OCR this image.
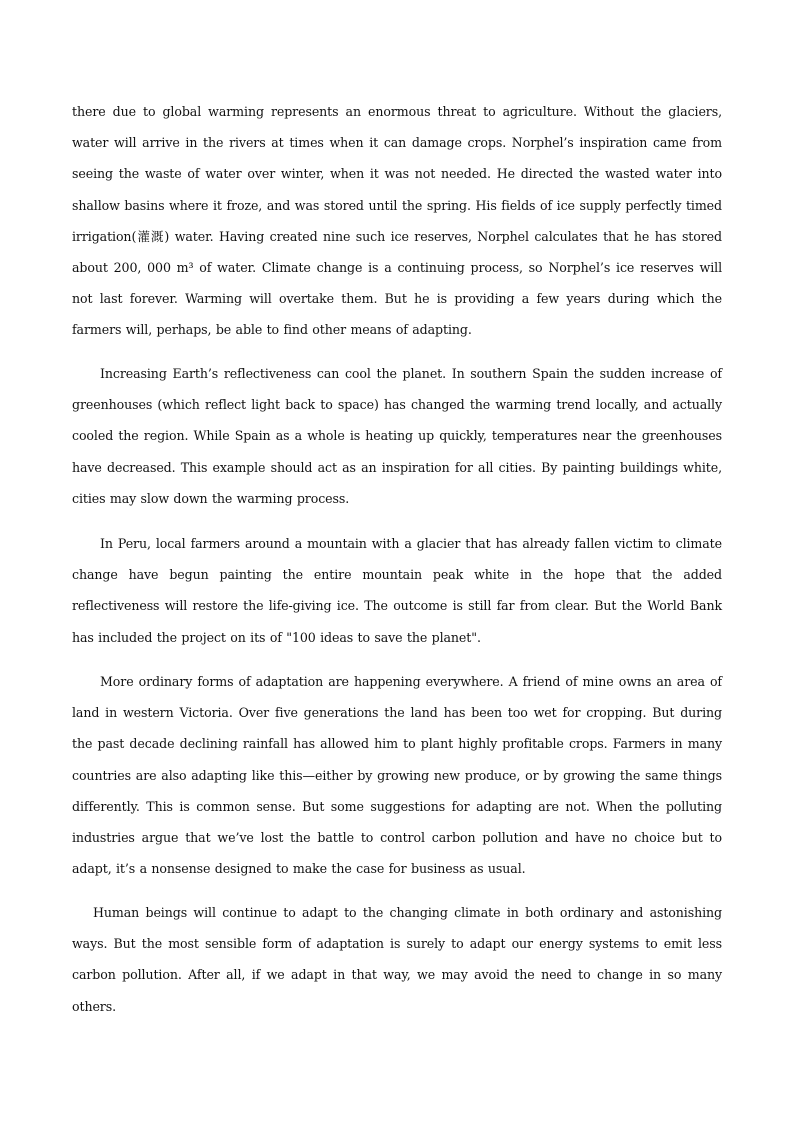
there due to global warming represents an enormous threat to agriculture. Without the glaciers, water will arrive in the rivers at times when it can damage crops. Norphel’s inspiration came from seeing the waste of water over winter, when it was not needed. He directed the wasted water into shallow basins where it froze, and was stored until the spring. His fields of ice supply perfectly timed irrigation(灌溉) water. Having created nine such ice reserves, Norphel calculates that he has stored about 200, 000 m³ of water. Climate change is a continuing process, so Norphel’s ice reserves will not last forever. Warming will overtake them. But he is providing a few years during which the farmers will, perhaps, be able to find other means of adapting.

Increasing Earth’s reflectiveness can cool the planet. In southern Spain the sudden increase of greenhouses (which reflect light back to space) has changed the warming trend locally, and actually cooled the region. While Spain as a whole is heating up quickly, temperatures near the greenhouses have decreased. This example should act as an inspiration for all cities. By painting buildings white, cities may slow down the warming process.

In Peru, local farmers around a mountain with a glacier that has already fallen victim to climate change have begun painting the entire mountain peak white in the hope that the added reflectiveness will restore the life-giving ice. The outcome is still far from clear. But the World Bank has included the project on its of "100 ideas to save the planet".

More ordinary forms of adaptation are happening everywhere. A friend of mine owns an area of land in western Victoria. Over five generations the land has been too wet for cropping. But during the past decade declining rainfall has allowed him to plant highly profitable crops. Farmers in many countries are also adapting like this—either by growing new produce, or by growing the same things differently. This is common sense. But some suggestions for adapting are not. When the polluting industries argue that we’ve lost the battle to control carbon pollution and have no choice but to adapt, it’s a nonsense designed to make the case for business as usual.

Human beings will continue to adapt to the changing climate in both ordinary and astonishing ways. But the most sensible form of adaptation is surely to adapt our energy systems to emit less carbon pollution. After all, if we adapt in that way, we may avoid the need to change in so many others.
